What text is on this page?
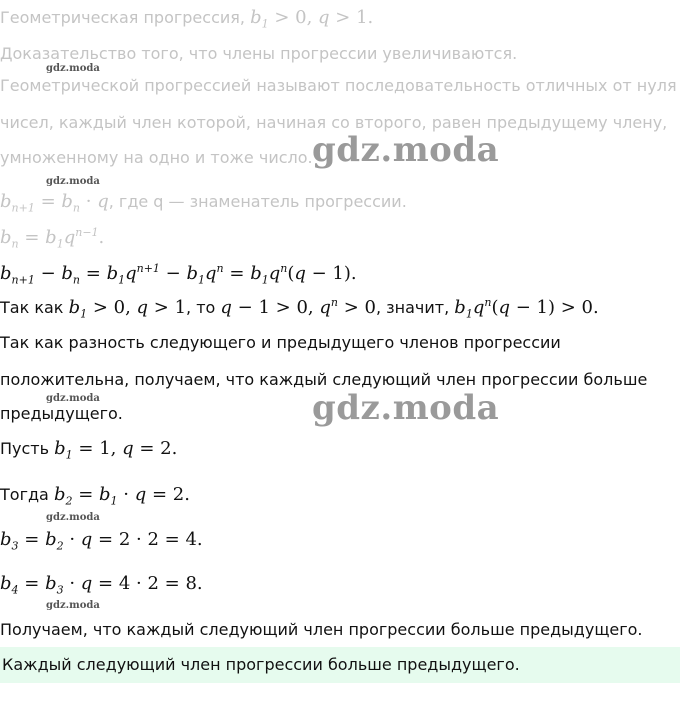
Геометрическая прогрессия, $b_1 > 0$, q > 1.
Доказательство того, что члены прогрессии увеличиваются.
Геометрической прогрессией называют последовательность отличных от нуля
чисел, каждый член которой, начиная со второго, равен предыдущему члену,
умноженному на одно и тоже число.
$b_{n+1} = b_n \cdot q$, где q — знаменатель прогрессии.
$b_n = b_1q^{n-1}$.
$b_{n+1} - b_n = b_1q^{n+1} - b_1q^n = b_1q^n(q - 1)$.
Так как $b_1 > 0$, q > 1, то q − 1 > 0, $q^n > 0$, значит, $b_1q^n(q - 1) > 0$.
Так как разность следующего и предыдущего членов прогрессии
положительна, получаем, что каждый следующий член прогрессии больше
предыдущего.
Пусть $b_1 = 1$, q = 2.
Тогда $b_2 = b_1 \cdot q = 2$.
$b_3 = b_2 \cdot q = 2 \cdot 2 = 4$.
$b_4 = b_3 \cdot q = 4 \cdot 2 = 8$.
Получаем, что каждый следующий член прогрессии больше предыдущего.
Каждый следующий член прогрессии больше предыдущего.
gdz.moda
gdz.moda
gdz.moda
gdz.moda
gdz.moda
gdz.moda
gdz.moda
